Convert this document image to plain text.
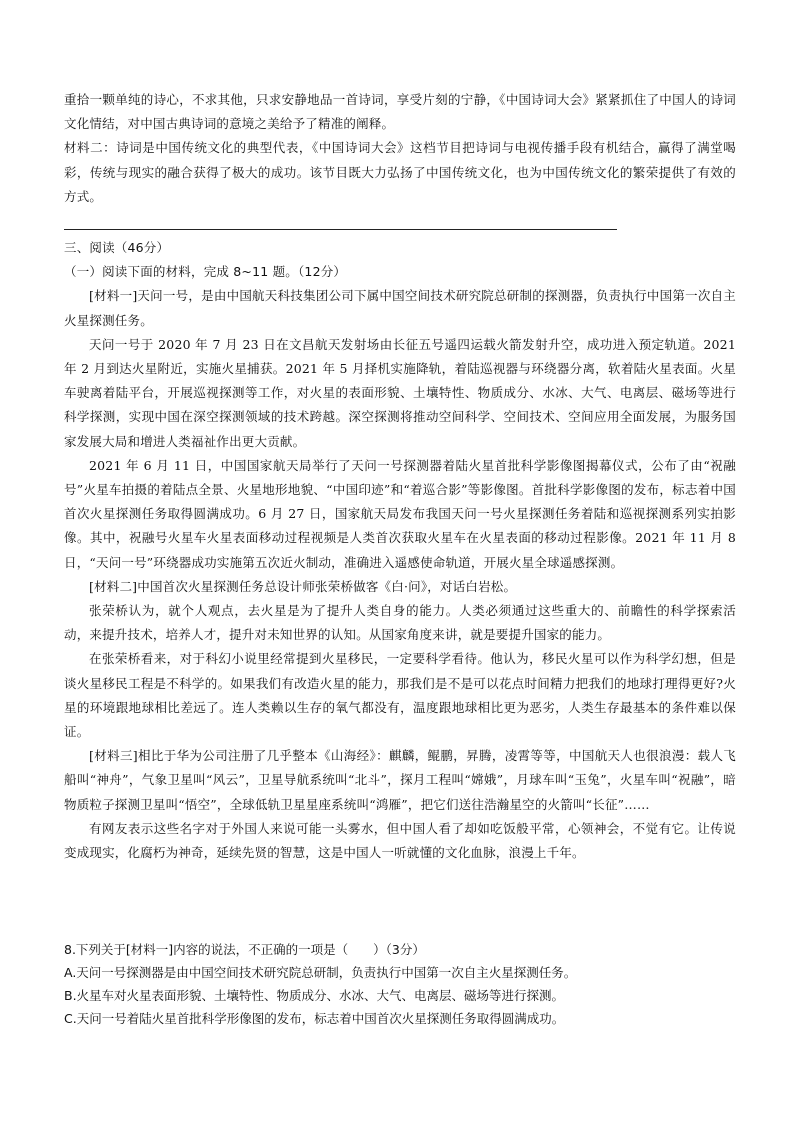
重拾一颗单纯的诗心，不求其他，只求安静地品一首诗词，享受片刻的宁静，《中国诗词大会》紧紧抓住了中国人的诗词文化情结，对中国古典诗词的意境之美给予了精准的阐释。

材料二：诗词是中国传统文化的典型代表，《中国诗词大会》这档节目把诗词与电视传播手段有机结合，赢得了满堂喝彩，传统与现实的融合获得了极大的成功。该节目既大力弘扬了中国传统文化，也为中国传统文化的繁荣提供了有效的方式。

三、阅读（46分）

（一）阅读下面的材料，完成 8~11 题。（12分）

[材料一]天问一号，是由中国航天科技集团公司下属中国空间技术研究院总研制的探测器，负责执行中国第一次自主火星探测任务。

天问一号于 2020 年 7 月 23 日在文昌航天发射场由长征五号遥四运载火箭发射升空，成功进入预定轨道。2021 年 2 月到达火星附近，实施火星捕获。2021 年 5 月择机实施降轨，着陆巡视器与环绕器分离，软着陆火星表面。火星车驶离着陆平台，开展巡视探测等工作，对火星的表面形貌、土壤特性、物质成分、水冰、大气、电离层、磁场等进行科学探测，实现中国在深空探测领域的技术跨越。深空探测将推动空间科学、空间技术、空间应用全面发展，为服务国家发展大局和增进人类福祉作出更大贡献。

2021 年 6 月 11 日，中国国家航天局举行了天问一号探测器着陆火星首批科学影像图揭幕仪式，公布了由“祝融号”火星车拍摄的着陆点全景、火星地形地貌、“中国印迹”和“着巡合影”等影像图。首批科学影像图的发布，标志着中国首次火星探测任务取得圆满成功。6 月 27 日，国家航天局发布我国天问一号火星探测任务着陆和巡视探测系列实拍影像。其中，祝融号火星车火星表面移动过程视频是人类首次获取火星车在火星表面的移动过程影像。2021 年 11 月 8 日，“天问一号”环绕器成功实施第五次近火制动，准确进入遥感使命轨道，开展火星全球遥感探测。

[材料二]中国首次火星探测任务总设计师张荣桥做客《白·问》，对话白岩松。

张荣桥认为，就个人观点，去火星是为了提升人类自身的能力。人类必须通过这些重大的、前瞻性的科学探索活动，来提升技术，培养人才，提升对未知世界的认知。从国家角度来讲，就是要提升国家的能力。

在张荣桥看来，对于科幻小说里经常提到火星移民，一定要科学看待。他认为，移民火星可以作为科学幻想，但是谈火星移民工程是不科学的。如果我们有改造火星的能力，那我们是不是可以花点时间精力把我们的地球打理得更好?火星的环境跟地球相比差远了。连人类赖以生存的氧气都没有，温度跟地球相比更为恶劣，人类生存最基本的条件难以保证。

[材料三]相比于华为公司注册了几乎整本《山海经》：麒麟，鲲鹏，昇腾，凌霄等等，中国航天人也很浪漫：载人飞船叫“神舟”，气象卫星叫“风云”，卫星导航系统叫“北斗”，探月工程叫“嫦娥”，月球车叫“玉兔”，火星车叫“祝融”，暗物质粒子探测卫星叫“悟空”，全球低轨卫星星座系统叫“鸿雁”，把它们送往浩瀚星空的火箭叫“长征”……

有网友表示这些名字对于外国人来说可能一头雾水，但中国人看了却如吃饭般平常，心领神会，不觉有它。让传说变成现实，化腐朽为神奇，延续先贤的智慧，这是中国人一听就懂的文化血脉，浪漫上千年。

8.下列关于[材料一]内容的说法，不正确的一项是（　　）（3分）

A.天问一号探测器是由中国空间技术研究院总研制，负责执行中国第一次自主火星探测任务。

B.火星车对火星表面形貌、土壤特性、物质成分、水冰、大气、电离层、磁场等进行探测。

C.天问一号着陆火星首批科学形像图的发布，标志着中国首次火星探测任务取得圆满成功。
